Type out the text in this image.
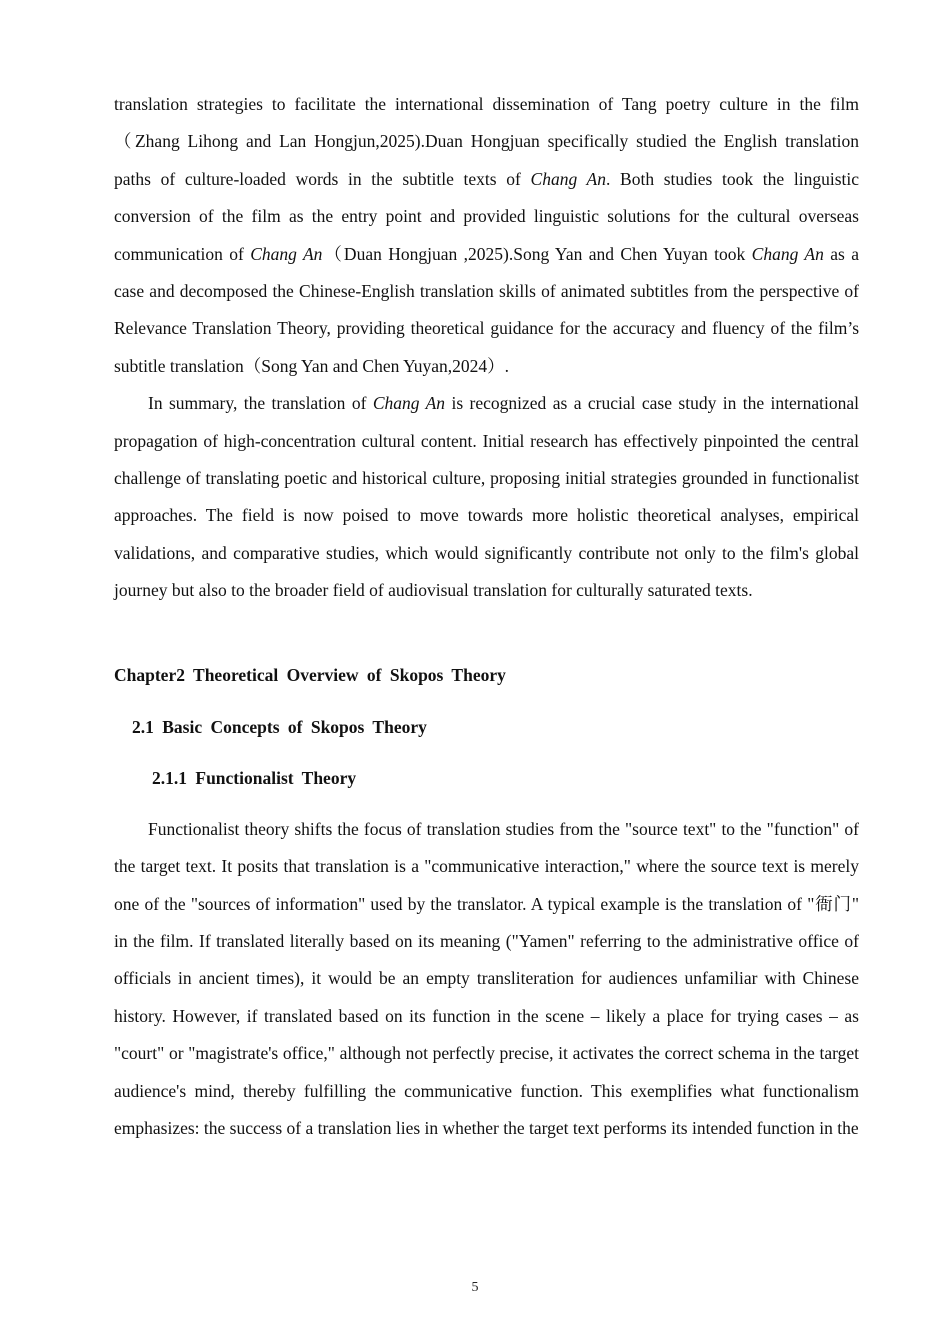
translation strategies to facilitate the international dissemination of Tang poetry culture in the film（Zhang Lihong and Lan Hongjun,2025).Duan Hongjuan specifically studied the English translation paths of culture-loaded words in the subtitle texts of Chang An. Both studies took the linguistic conversion of the film as the entry point and provided linguistic solutions for the cultural overseas communication of Chang An（Duan Hongjuan ,2025).Song Yan and Chen Yuyan took Chang An as a case and decomposed the Chinese-English translation skills of animated subtitles from the perspective of Relevance Translation Theory, providing theoretical guidance for the accuracy and fluency of the film’s subtitle translation（Song Yan and Chen Yuyan,2024）.

In summary, the translation of Chang An is recognized as a crucial case study in the international propagation of high-concentration cultural content. Initial research has effectively pinpointed the central challenge of translating poetic and historical culture, proposing initial strategies grounded in functionalist approaches. The field is now poised to move towards more holistic theoretical analyses, empirical validations, and comparative studies, which would significantly contribute not only to the film's global journey but also to the broader field of audiovisual translation for culturally saturated texts.

Chapter2 Theoretical Overview of Skopos Theory
2.1 Basic Concepts of Skopos Theory
2.1.1 Functionalist Theory

Functionalist theory shifts the focus of translation studies from the "source text" to the "function" of the target text. It posits that translation is a "communicative interaction," where the source text is merely one of the "sources of information" used by the translator. A typical example is the translation of "衙门" in the film. If translated literally based on its meaning ("Yamen" referring to the administrative office of officials in ancient times), it would be an empty transliteration for audiences unfamiliar with Chinese history. However, if translated based on its function in the scene – likely a place for trying cases – as "court" or "magistrate's office," although not perfectly precise, it activates the correct schema in the target audience's mind, thereby fulfilling the communicative function. This exemplifies what functionalism emphasizes: the success of a translation lies in whether the target text performs its intended function in the

5
